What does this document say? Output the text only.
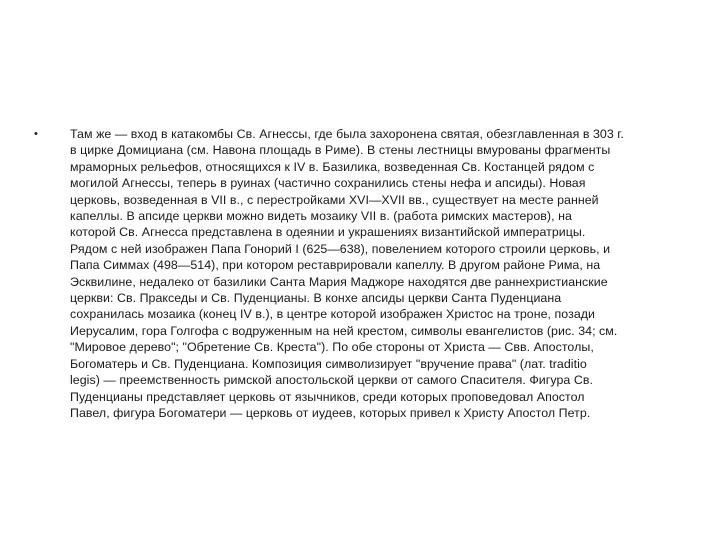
•	Там же — вход в катакомбы Св. Агнессы, где была захоронена святая, обезглавленная в 303 г.
в цирке Домициана (см. Навона площадь в Риме). В стены лестницы вмурованы фрагменты
мраморных рельефов, относящихся к IV в. Базилика, возведенная Св. Костанцей рядом с
могилой Агнессы, теперь в руинах (частично сохранились стены нефа и апсиды). Новая
церковь, возведенная в VII в., с перестройками XVI—XVII вв., существует на месте ранней
капеллы. В апсиде церкви можно видеть мозаику VII в. (работа римских мастеров), на
которой Св. Агнесса представлена в одеянии и украшениях византийской императрицы.
Рядом с ней изображен Папа Гонорий I (625—638), повелением которого строили церковь, и
Папа Симмах (498—514), при котором реставрировали капеллу. В другом районе Рима, на
Эсквилине, недалеко от базилики Санта Мария Маджоре находятся две раннехристианские
церкви: Св. Пракседы и Св. Пуденцианы. В конхе апсиды церкви Санта Пуденциана
сохранилась мозаика (конец IV в.), в центре которой изображен Христос на троне, позади
Иерусалим, гора Голгофа с водруженным на ней крестом, символы евангелистов (рис. 34; см.
"Мировое дерево"; "Обретение Св. Креста"). По обе стороны от Христа — Свв. Апостолы,
Богоматерь и Св. Пуденциана. Композиция символизирует "вручение права" (лат. traditio
legis) — преемственность римской апостольской церкви от самого Спасителя. Фигура Св.
Пуденцианы представляет церковь от язычников, среди которых проповедовал Апостол
Павел, фигура Богоматери — церковь от иудеев, которых привел к Христу Апостол Петр.
